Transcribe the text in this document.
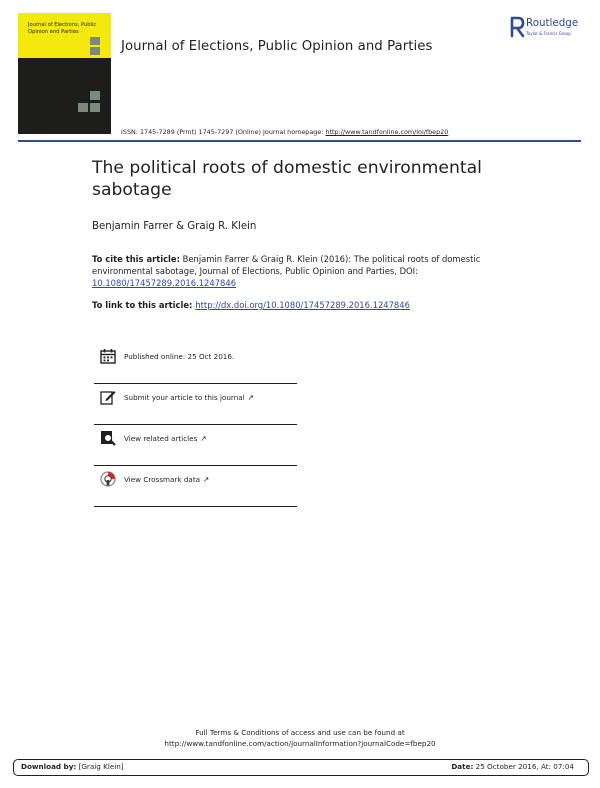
Journal of Elections, Public Opinion and Parties
Journal of Elections, Public Opinion and Parties
Routledge
Taylor & Francis Group
ISSN: 1745-7289 (Print) 1745-7297 (Online) Journal homepage: http://www.tandfonline.com/loi/fbep20
The political roots of domestic environmental sabotage
Benjamin Farrer & Graig R. Klein
To cite this article: Benjamin Farrer & Graig R. Klein (2016): The political roots of domestic environmental sabotage, Journal of Elections, Public Opinion and Parties, DOI: 10.1080/17457289.2016.1247846
To link to this article: http://dx.doi.org/10.1080/17457289.2016.1247846
Published online: 25 Oct 2016.
Submit your article to this journal ↗
View related articles ↗
View Crossmark data ↗
Full Terms & Conditions of access and use can be found at
http://www.tandfonline.com/action/journalInformation?journalCode=fbep20
Download by: [Graig Klein]	Date: 25 October 2016, At: 07:04
